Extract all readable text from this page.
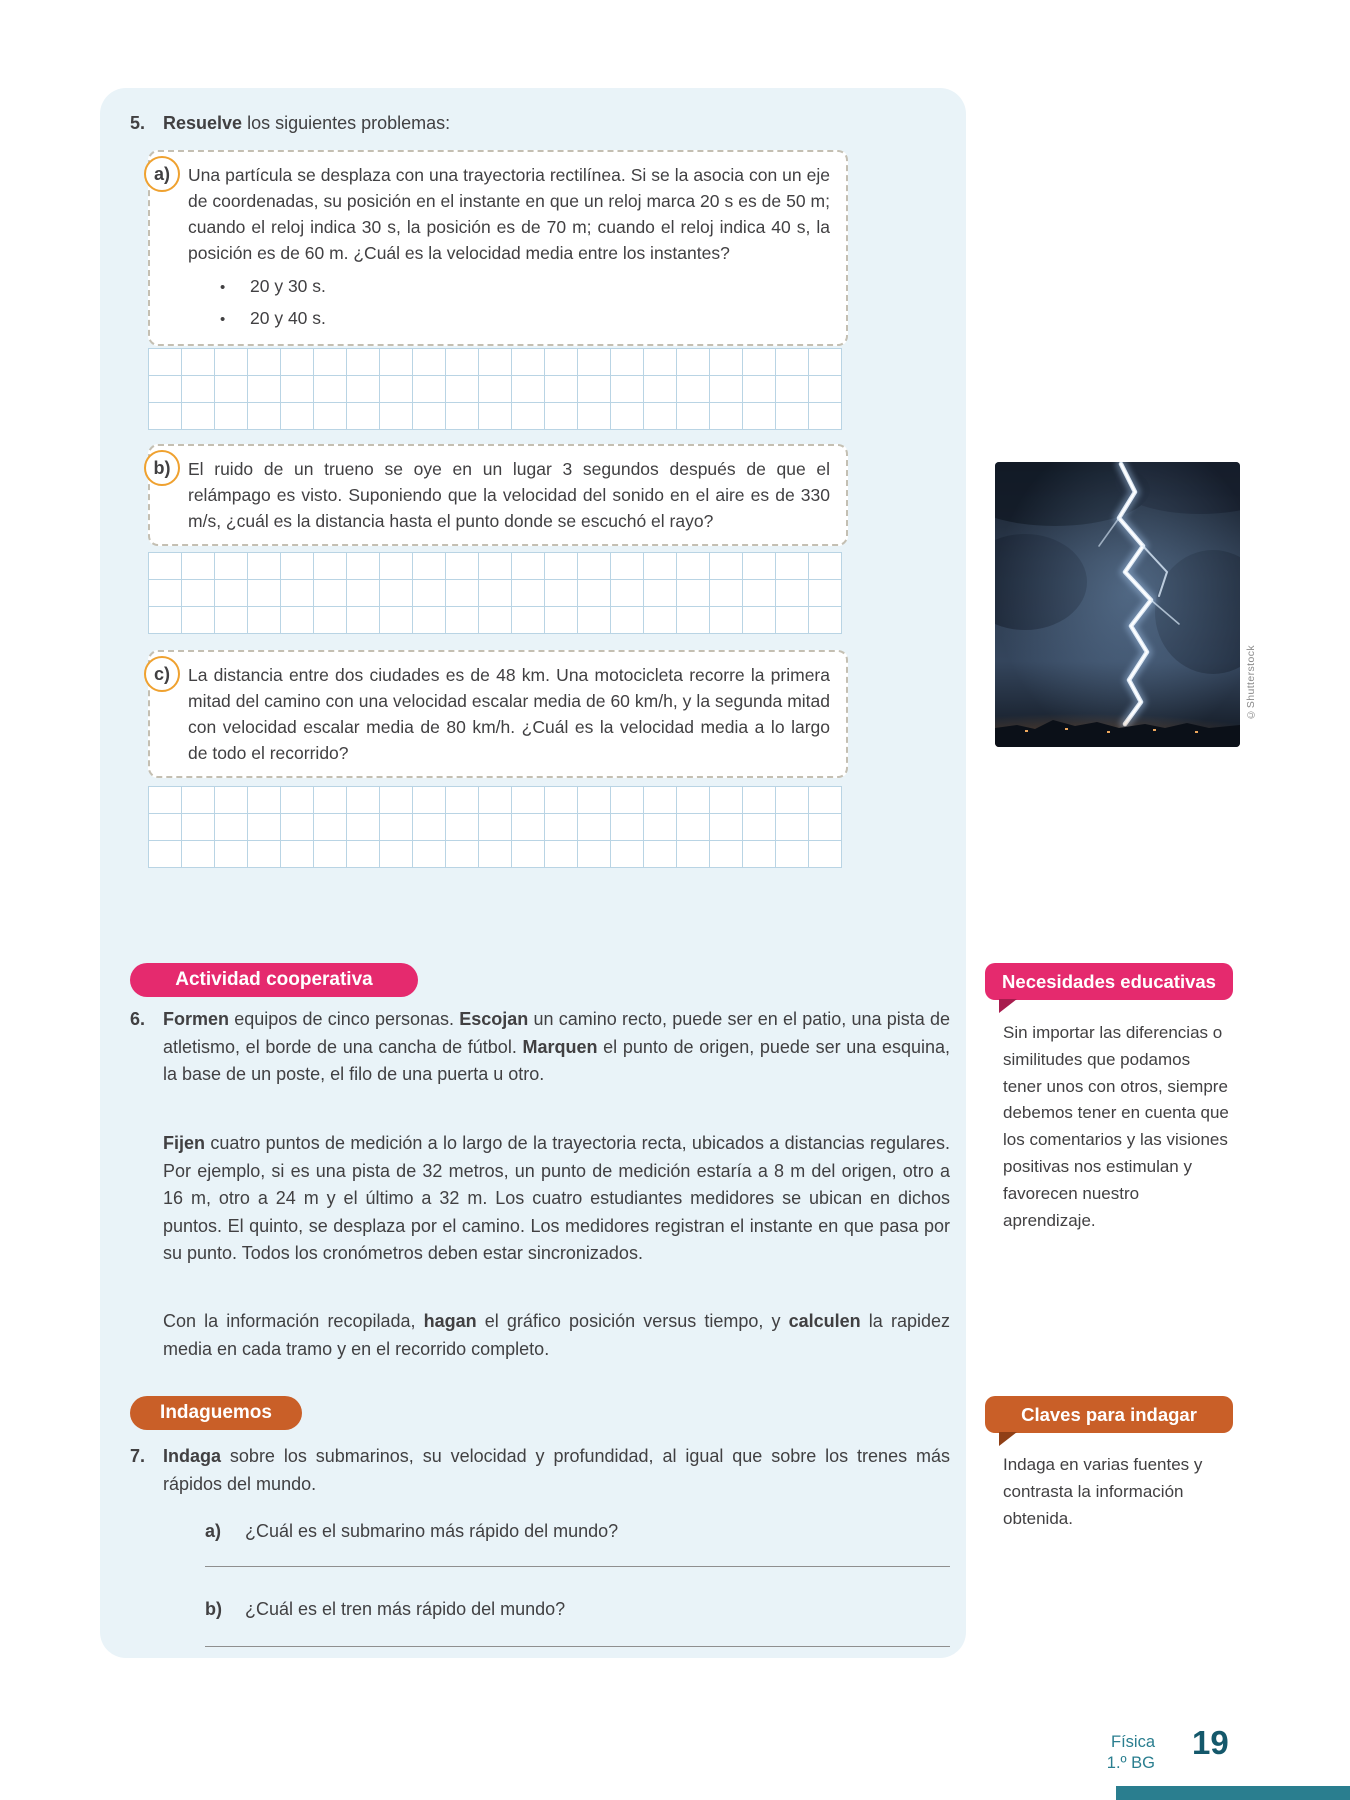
5. Resuelve los siguientes problemas:
a)	Una partícula se desplaza con una trayectoria rectilínea. Si se la asocia con un eje de coordenadas, su posición en el instante en que un reloj marca 20 s es de 50 m; cuando el reloj indica 30 s, la posición es de 70 m; cuando el reloj indica 40 s, la posición es de 60 m. ¿Cuál es la velocidad media entre los instantes?
• 20 y 30 s.
• 20 y 40 s.
b)	El ruido de un trueno se oye en un lugar 3 segundos después de que el relámpago es visto. Suponiendo que la velocidad del sonido en el aire es de 330 m/s, ¿cuál es la distancia hasta el punto donde se escuchó el rayo?
c)	La distancia entre dos ciudades es de 48 km. Una motocicleta recorre la primera mitad del camino con una velocidad escalar media de 60 km/h, y la segunda mitad con velocidad escalar media de 80 km/h. ¿Cuál es la velocidad media a lo largo de todo el recorrido?
©Shutterstock
Actividad cooperativa
6. Formen equipos de cinco personas. Escojan un camino recto, puede ser en el patio, una pista de atletismo, el borde de una cancha de fútbol. Marquen el punto de origen, puede ser una esquina, la base de un poste, el filo de una puerta u otro.
Fijen cuatro puntos de medición a lo largo de la trayectoria recta, ubicados a distancias regulares. Por ejemplo, si es una pista de 32 metros, un punto de medición estaría a 8 m del origen, otro a 16 m, otro a 24 m y el último a 32 m. Los cuatro estudiantes medidores se ubican en dichos puntos. El quinto, se desplaza por el camino. Los medidores registran el instante en que pasa por su punto. Todos los cronómetros deben estar sincronizados.
Con la información recopilada, hagan el gráfico posición versus tiempo, y calculen la rapidez media en cada tramo y en el recorrido completo.
Indaguemos
7. Indaga sobre los submarinos, su velocidad y profundidad, al igual que sobre los trenes más rápidos del mundo.
a) ¿Cuál es el submarino más rápido del mundo?
b) ¿Cuál es el tren más rápido del mundo?
Necesidades educativas
Sin importar las diferencias o similitudes que podamos tener unos con otros, siempre debemos tener en cuenta que los comentarios y las visiones positivas nos estimulan y favorecen nuestro aprendizaje.
Claves para indagar
Indaga en varias fuentes y contrasta la información obtenida.
Física
1.º BG
19
